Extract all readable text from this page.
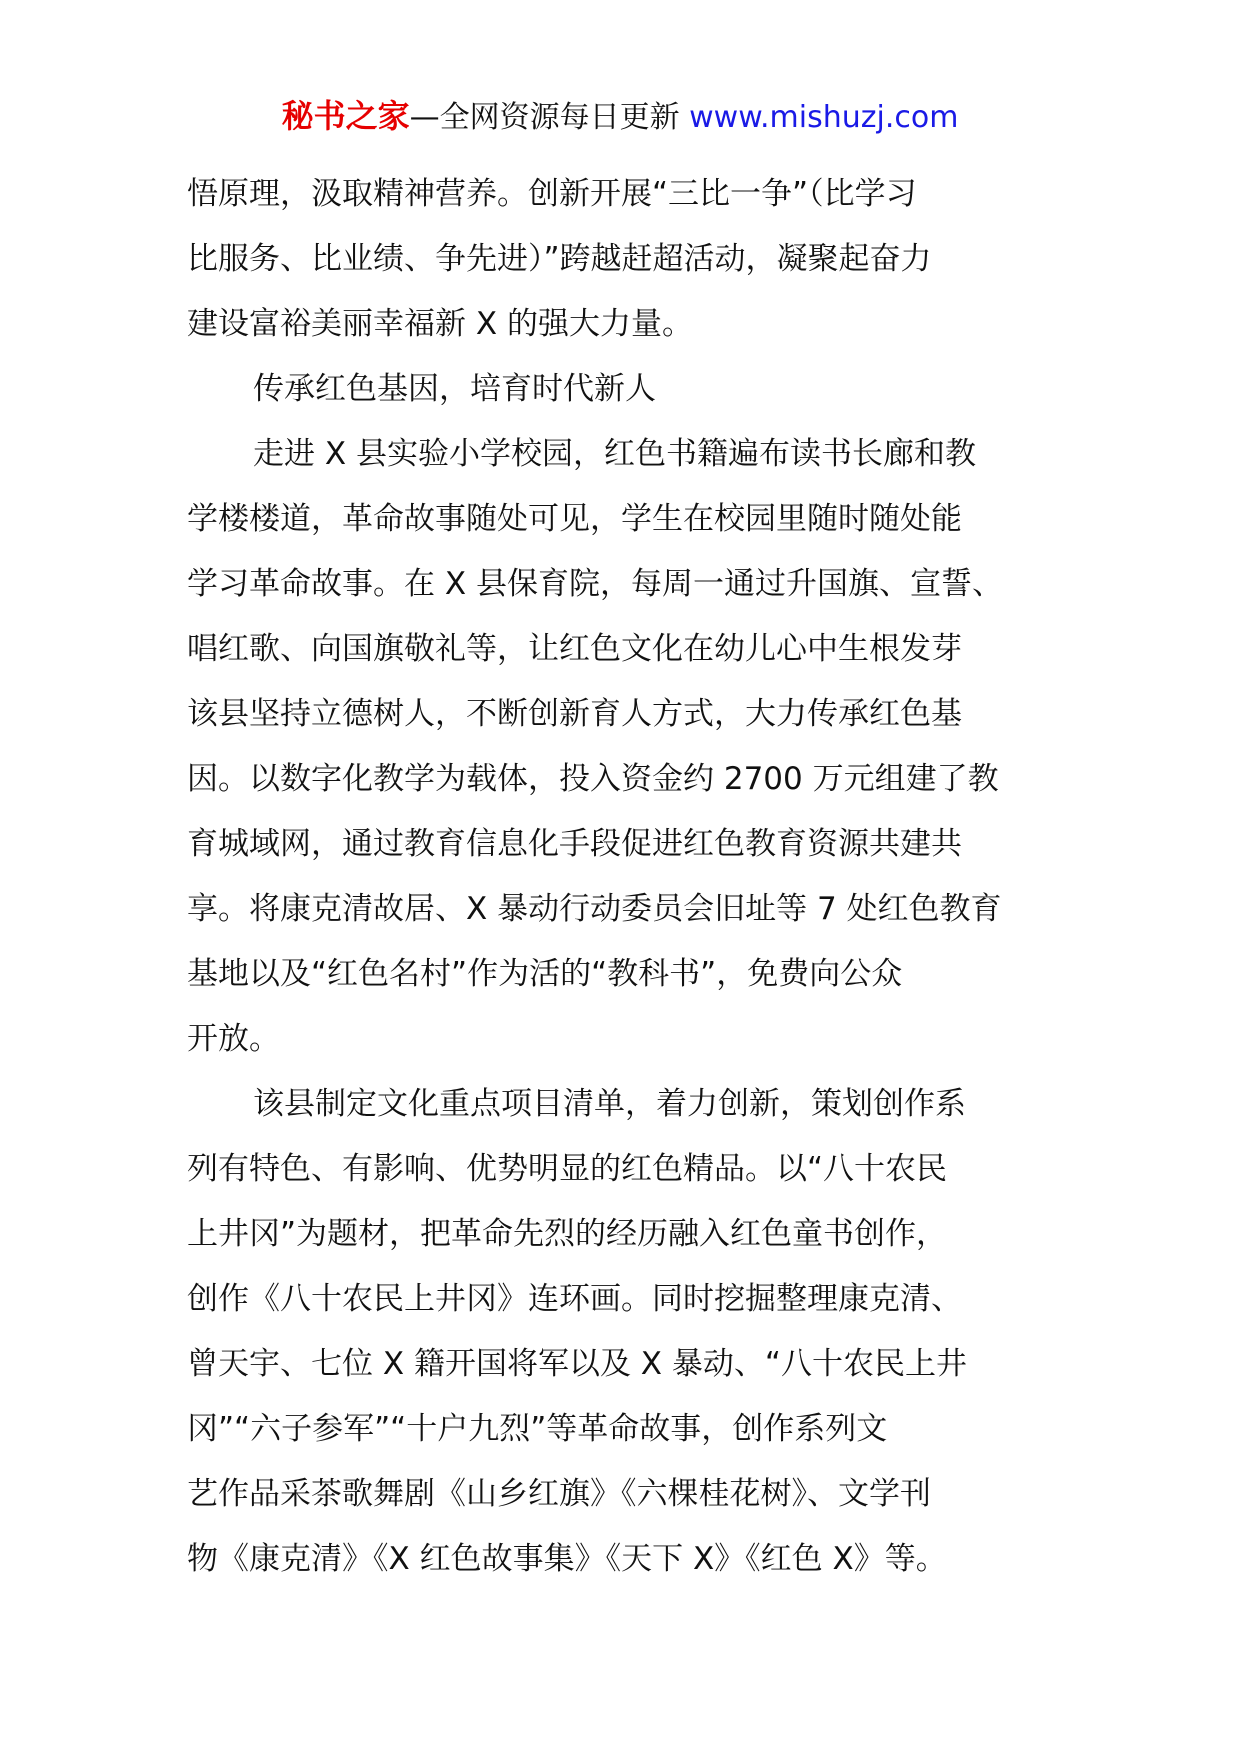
秘书之家—全网资源每日更新 www.mishuzj.com
悟原理，汲取精神营养。创新开展“三比一争”（比学习
比服务、比业绩、争先进）”跨越赶超活动，凝聚起奋力
建设富裕美丽幸福新 X 的强大力量。
传承红色基因，培育时代新人
走进 X 县实验小学校园，红色书籍遍布读书长廊和教
学楼楼道，革命故事随处可见，学生在校园里随时随处能
学习革命故事。在 X 县保育院，每周一通过升国旗、宣誓、
唱红歌、向国旗敬礼等，让红色文化在幼儿心中生根发芽
该县坚持立德树人，不断创新育人方式，大力传承红色基
因。以数字化教学为载体，投入资金约 2700 万元组建了教
育城域网，通过教育信息化手段促进红色教育资源共建共
享。将康克清故居、X 暴动行动委员会旧址等 7 处红色教育
基地以及“红色名村”作为活的“教科书”，免费向公众
开放。
该县制定文化重点项目清单，着力创新，策划创作系
列有特色、有影响、优势明显的红色精品。以“八十农民
上井冈”为题材，把革命先烈的经历融入红色童书创作，
创作《八十农民上井冈》连环画。同时挖掘整理康克清、
曾天宇、七位 X 籍开国将军以及 X 暴动、“八十农民上井
冈”“六子参军”“十户九烈”等革命故事，创作系列文
艺作品采茶歌舞剧《山乡红旗》《六棵桂花树》、文学刊
物《康克清》《X 红色故事集》《天下 X》《红色 X》等。
